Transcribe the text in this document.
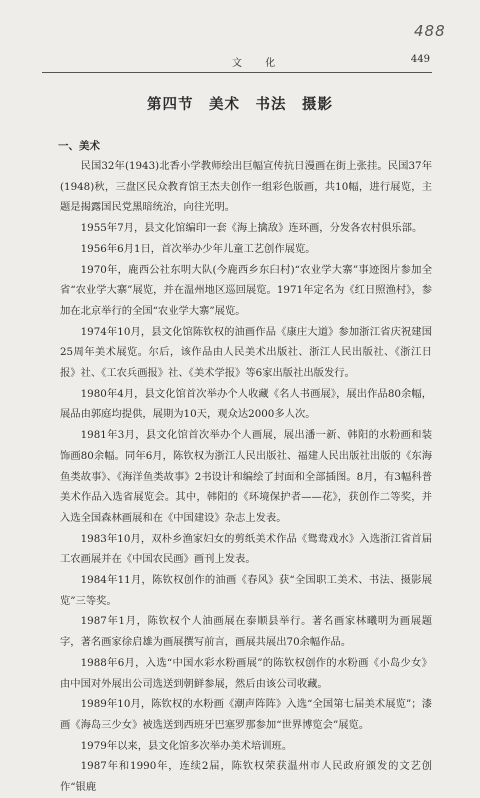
488
文 化	449
第四节　美术　书法　摄影
一、美术

民国32年(1943)北香小学教师绘出巨幅宣传抗日漫画在街上张挂。民国37年(1948)秋，三盘区民众教育馆王杰夫创作一组彩色版画，共10幅，进行展览，主题是揭露国民党黑暗统治，向往光明。

1955年7月，县文化馆编印一套《海上擒敌》连环画，分发各农村俱乐部。

1956年6月1日，首次举办少年儿童工艺创作展览。

1970年，鹿西公社东明大队(今鹿西乡东臼村)“农业学大寨”事迹图片参加全省“农业学大寨”展览，并在温州地区巡回展览。1971年定名为《红日照渔村》，参加在北京举行的全国“农业学大寨”展览。

1974年10月，县文化馆陈钦权的油画作品《康庄大道》参加浙江省庆祝建国25周年美术展览。尔后，该作品由人民美术出版社、浙江人民出版社、《浙江日报》社、《工农兵画报》社、《美术学报》等6家出版社出版发行。

1980年4月，县文化馆首次举办个人收藏《名人书画展》，展出作品80余幅，展品由郭庭均提供，展期为10天，观众达2000多人次。

1981年3月，县文化馆首次举办个人画展，展出潘一新、韩阳的水粉画和装饰画80余幅。同年6月，陈钦权为浙江人民出版社、福建人民出版社出版的《东海鱼类故事》、《海洋鱼类故事》2书设计和编绘了封面和全部插图。8月，有3幅科普美术作品入选省展览会。其中，韩阳的《环境保护者——花》，获创作二等奖，并入选全国森林画展和在《中国建设》杂志上发表。

1983年10月，双朴乡渔家妇女的剪纸美术作品《鸳鸯戏水》入选浙江省首届工农画展并在《中国农民画》画刊上发表。

1984年11月，陈钦权创作的油画《春风》获“全国职工美术、书法、摄影展览”三等奖。

1987年1月，陈钦权个人油画展在泰顺县举行。著名画家林曦明为画展题字，著名画家徐启雄为画展撰写前言，画展共展出70余幅作品。

1988年6月，入选“中国水彩水粉画展”的陈钦权创作的水粉画《小岛少女》由中国对外展出公司选送到朝鲜参展，然后由该公司收藏。

1989年10月，陈钦权的水粉画《潮声阵阵》入选“全国第七届美术展览”；漆画《海岛三少女》被选送到西班牙巴塞罗那参加“世界博览会”展览。

1979年以来，县文化馆多次举办美术培训班。

1987年和1990年，连续2届，陈钦权荣获温州市人民政府颁发的文艺创作“银鹿
